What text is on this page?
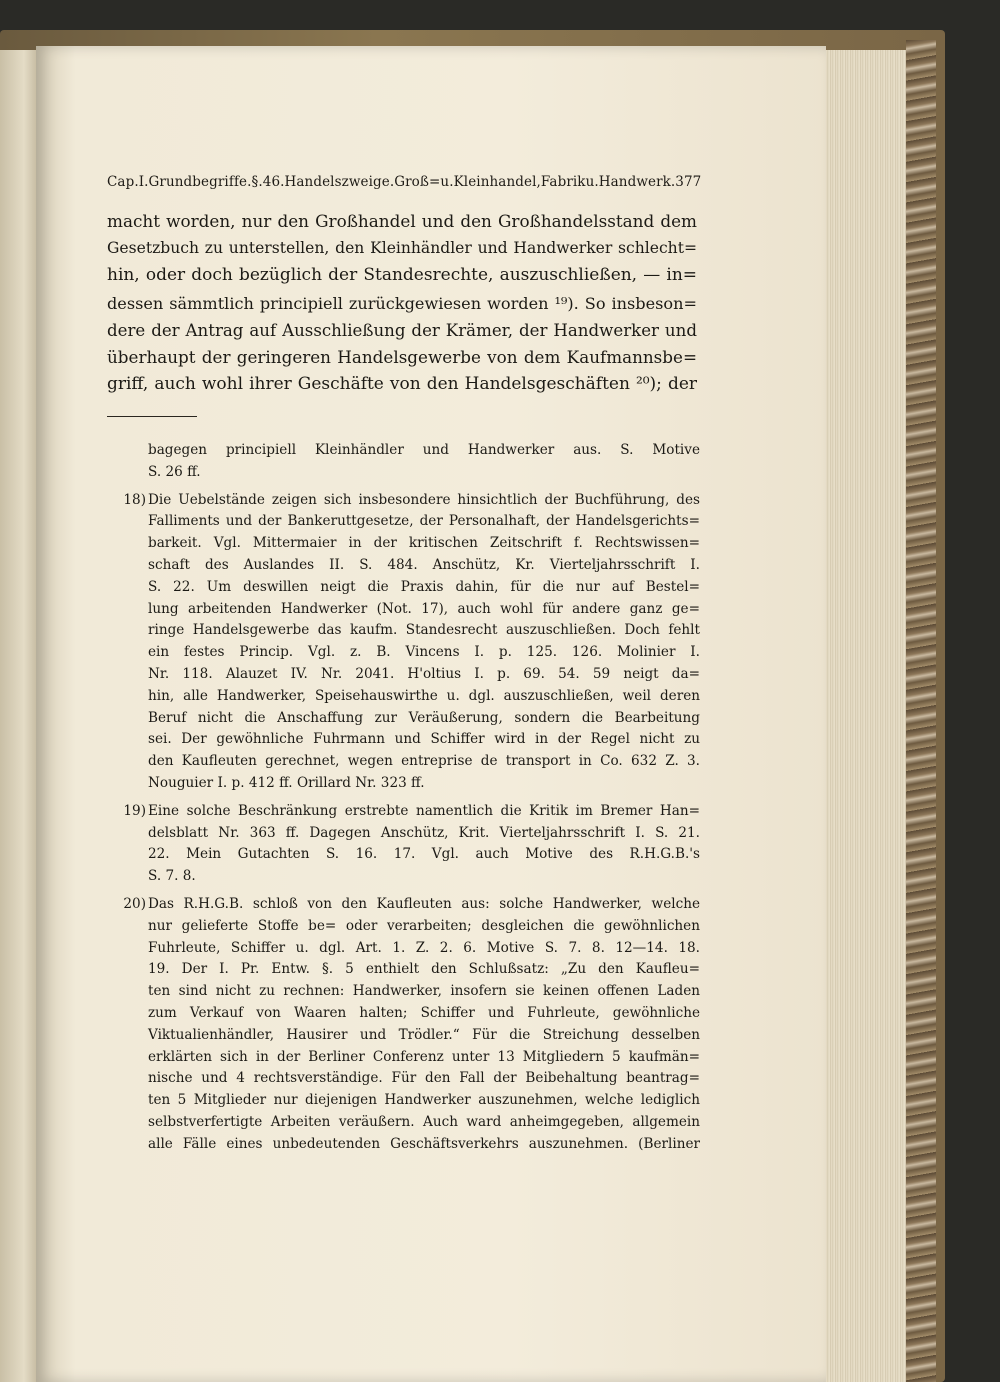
Cap.I.Grundbegriffe.§.46.Handelszweige.Groß=u.Kleinhandel,Fabriku.Handwerk.377
macht worden, nur den Großhandel und den Großhandelsstand dem
Gesetzbuch zu unterstellen, den Kleinhändler und Handwerker schlecht=
hin, oder doch bezüglich der Standesrechte, auszuschließen, — in=
dessen sämmtlich principiell zurückgewiesen worden ¹⁹). So insbeson=
dere der Antrag auf Ausschließung der Krämer, der Handwerker und
überhaupt der geringeren Handelsgewerbe von dem Kaufmannsbe=
griff, auch wohl ihrer Geschäfte von den Handelsgeschäften ²⁰); der
bagegen principiell Kleinhändler und Handwerker aus. S. Motive
S. 26 ff.
18) Die Uebelstände zeigen sich insbesondere hinsichtlich der Buchführung, des
Falliments und der Bankeruttgesetze, der Personalhaft, der Handelsgerichts=
barkeit. Vgl. Mittermaier in der kritischen Zeitschrift f. Rechtswissen=
schaft des Auslandes II. S. 484. Anschütz, Kr. Vierteljahrsschrift I.
S. 22. Um deswillen neigt die Praxis dahin, für die nur auf Bestel=
lung arbeitenden Handwerker (Not. 17), auch wohl für andere ganz ge=
ringe Handelsgewerbe das kaufm. Standesrecht auszuschließen. Doch fehlt
ein festes Princip. Vgl. z. B. Vincens I. p. 125. 126. Molinier I.
Nr. 118. Alauzet IV. Nr. 2041. H'oltius I. p. 69. 54. 59 neigt da=
hin, alle Handwerker, Speisehauswirthe u. dgl. auszuschließen, weil deren
Beruf nicht die Anschaffung zur Veräußerung, sondern die Bearbeitung
sei. Der gewöhnliche Fuhrmann und Schiffer wird in der Regel nicht zu
den Kaufleuten gerechnet, wegen entreprise de transport in Co. 632 Z. 3.
Nouguier I. p. 412 ff. Orillard Nr. 323 ff.
19) Eine solche Beschränkung erstrebte namentlich die Kritik im Bremer Han=
delsblatt Nr. 363 ff. Dagegen Anschütz, Krit. Vierteljahrsschrift I. S. 21.
22. Mein Gutachten S. 16. 17. Vgl. auch Motive des R.H.G.B.'s
S. 7. 8.
20) Das R.H.G.B. schloß von den Kaufleuten aus: solche Handwerker, welche
nur gelieferte Stoffe be= oder verarbeiten; desgleichen die gewöhnlichen
Fuhrleute, Schiffer u. dgl. Art. 1. Z. 2. 6. Motive S. 7. 8. 12—14. 18.
19. Der I. Pr. Entw. §. 5 enthielt den Schlußsatz: „Zu den Kaufleu=
ten sind nicht zu rechnen: Handwerker, insofern sie keinen offenen Laden
zum Verkauf von Waaren halten; Schiffer und Fuhrleute, gewöhnliche
Viktualienhändler, Hausirer und Trödler.“ Für die Streichung desselben
erklärten sich in der Berliner Conferenz unter 13 Mitgliedern 5 kaufmän=
nische und 4 rechtsverständige. Für den Fall der Beibehaltung beantrag=
ten 5 Mitglieder nur diejenigen Handwerker auszunehmen, welche lediglich
selbstverfertigte Arbeiten veräußern. Auch ward anheimgegeben, allgemein
alle Fälle eines unbedeutenden Geschäftsverkehrs auszunehmen. (Berliner
